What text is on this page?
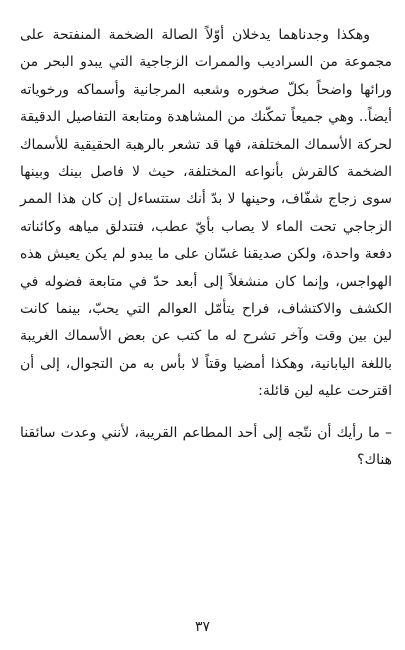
وهكذا وجدناهما يدخلان أوّلاً الصالة الضخمة المنفتحة على مجموعة من السراديب والممرات الزجاجية التي يبدو البحر من ورائها واضحاً بكلّ صخوره وشعبه المرجانية وأسماكه ورخوياته أيضاً.. وهي جميعاً تمكّنك من المشاهدة ومتابعة التفاصيل الدقيقة لحركة الأسماك المختلفة، فها قد تشعر بالرهبة الحقيقية للأسماك الضخمة كالقرش بأنواعه المختلفة، حيث لا فاصل بينك وبينها سوى زجاج شفّاف، وحينها لا بدّ أنك ستتساءل إن كان هذا الممر الزجاجي تحت الماء لا يصاب بأيّ عطب، فتتدلق مياهه وكائناته دفعة واحدة، ولكن صديقنا غسّان على ما يبدو لم يكن يعيش هذه الهواجس، وإنما كان منشغلاً إلى أبعد حدّ في متابعة فضوله في الكشف والاكتشاف، فراح يتأمّل العوالم التي يحبّ، بينما كانت لين بين وقت وآخر تشرح له ما كتب عن بعض الأسماك الغريبة باللغة اليابانية، وهكذا أمضيا وقتاً لا بأس به من التجوال، إلى أن اقترحت عليه لين قائلة:

– ما رأيك أن نتّجه إلى أحد المطاعم القريبة، لأنني وعدت سائقنا هناك؟

٣٧
